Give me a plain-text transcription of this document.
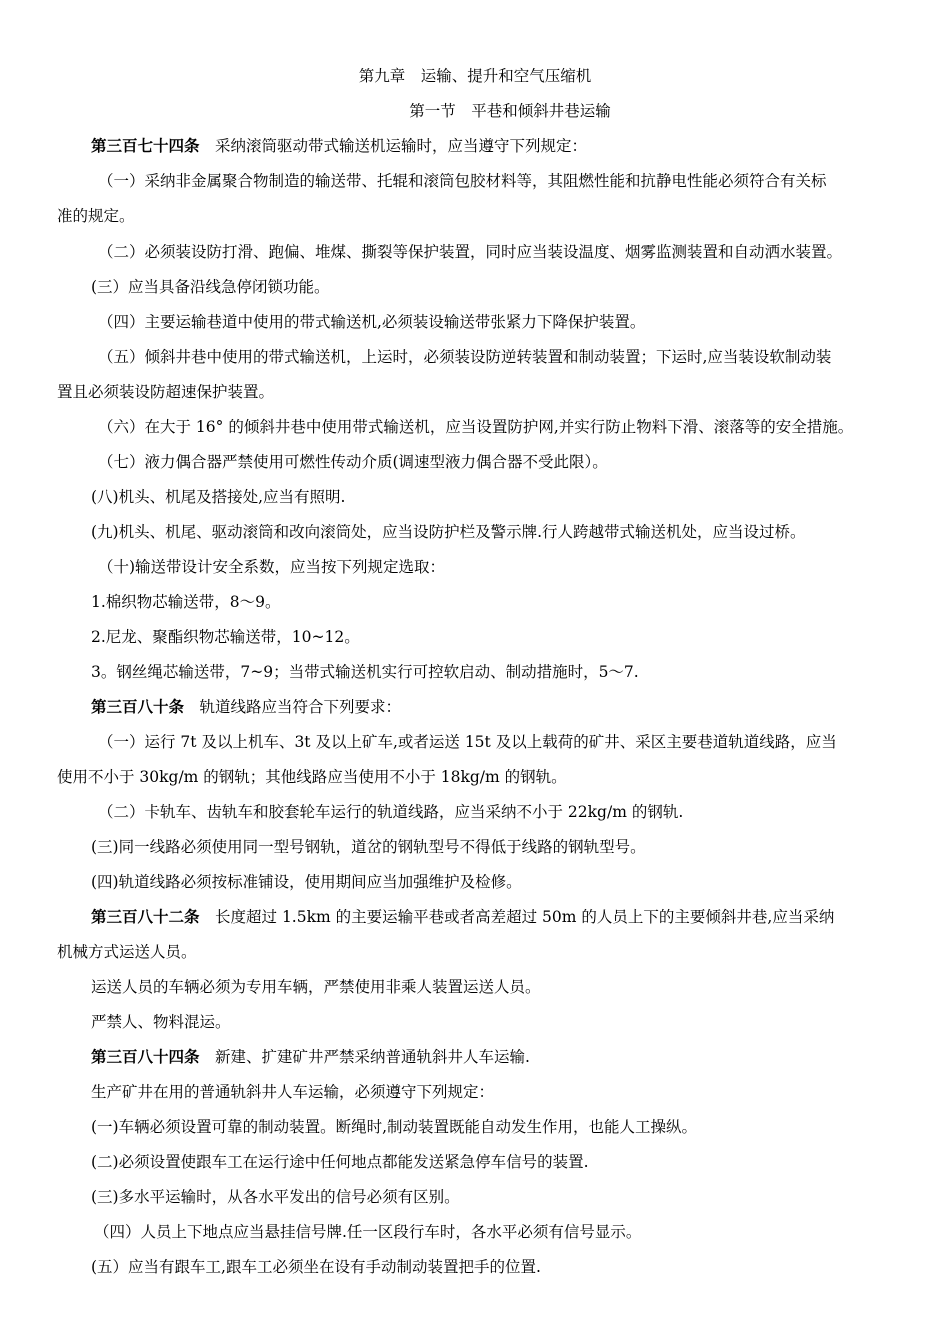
第九章　运输、提升和空气压缩机
第一节　平巷和倾斜井巷运输
第三百七十四条　采纳滚筒驱动带式输送机运输时，应当遵守下列规定：
（一）采纳非金属聚合物制造的输送带、托辊和滚筒包胶材料等，其阻燃性能和抗静电性能必须符合有关标
准的规定。
（二）必须装设防打滑、跑偏、堆煤、撕裂等保护装置，同时应当装设温度、烟雾监测装置和自动洒水装置。
(三）应当具备沿线急停闭锁功能。
（四）主要运输巷道中使用的带式输送机,必须装设输送带张紧力下降保护装置。
（五）倾斜井巷中使用的带式输送机，上运时，必须装设防逆转装置和制动装置；下运时,应当装设软制动装
置且必须装设防超速保护装置。
（六）在大于 16° 的倾斜井巷中使用带式输送机，应当设置防护网,并实行防止物料下滑、滚落等的安全措施。
（七）液力偶合器严禁使用可燃性传动介质(调速型液力偶合器不受此限）。
(八)机头、机尾及搭接处,应当有照明.
(九)机头、机尾、驱动滚筒和改向滚筒处，应当设防护栏及警示牌.行人跨越带式输送机处，应当设过桥。
（十)输送带设计安全系数，应当按下列规定选取：
1.棉织物芯输送带，8～9。
2.尼龙、聚酯织物芯输送带，10~12。
3。钢丝绳芯输送带，7~9；当带式输送机实行可控软启动、制动措施时，5～7.
第三百八十条　轨道线路应当符合下列要求：
（一）运行 7t 及以上机车、3t 及以上矿车,或者运送 15t 及以上载荷的矿井、采区主要巷道轨道线路，应当
使用不小于 30kg/m 的钢轨；其他线路应当使用不小于 18kg/m 的钢轨。
（二）卡轨车、齿轨车和胶套轮车运行的轨道线路，应当采纳不小于 22kg/m 的钢轨.
(三)同一线路必须使用同一型号钢轨，道岔的钢轨型号不得低于线路的钢轨型号。
(四)轨道线路必须按标准铺设，使用期间应当加强维护及检修。
第三百八十二条　长度超过 1.5km 的主要运输平巷或者高差超过 50m 的人员上下的主要倾斜井巷,应当采纳
机械方式运送人员。
运送人员的车辆必须为专用车辆，严禁使用非乘人装置运送人员。
严禁人、物料混运。
第三百八十四条　新建、扩建矿井严禁采纳普通轨斜井人车运输.
生产矿井在用的普通轨斜井人车运输，必须遵守下列规定：
(一)车辆必须设置可靠的制动装置。断绳时,制动装置既能自动发生作用，也能人工操纵。
(二)必须设置使跟车工在运行途中任何地点都能发送紧急停车信号的装置.
(三)多水平运输时，从各水平发出的信号必须有区别。
（四）人员上下地点应当悬挂信号牌.任一区段行车时，各水平必须有信号显示。
(五）应当有跟车工,跟车工必须坐在设有手动制动装置把手的位置.
